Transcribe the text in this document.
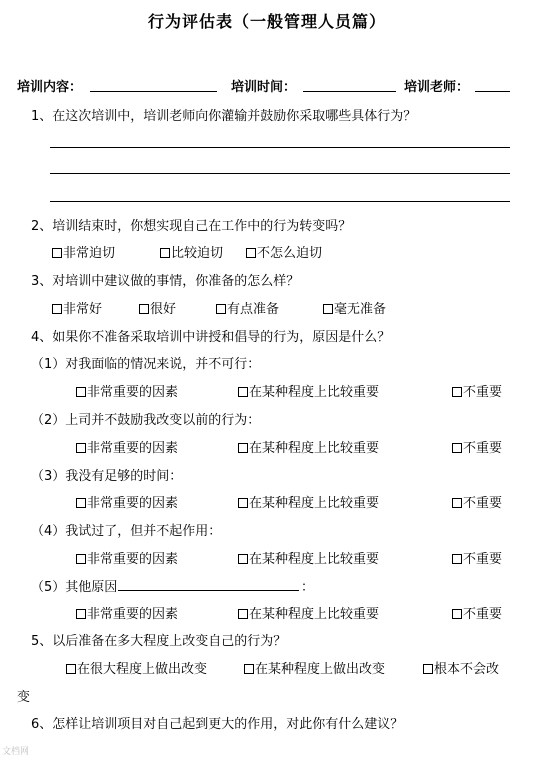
行为评估表（一般管理人员篇）
培训内容：	培训时间：	培训老师：
1、在这次培训中，培训老师向你灌输并鼓励你采取哪些具体行为？
2、培训结束时，你想实现自己在工作中的行为转变吗？
非常迫切	比较迫切	不怎么迫切
3、对培训中建议做的事情，你准备的怎么样？
非常好	很好	有点准备	毫无准备
4、如果你不准备采取培训中讲授和倡导的行为，原因是什么？
（1）对我面临的情况来说，并不可行：
非常重要的因素	在某种程度上比较重要	不重要
（2）上司并不鼓励我改变以前的行为：
非常重要的因素	在某种程度上比较重要	不重要
（3）我没有足够的时间：
非常重要的因素	在某种程度上比较重要	不重要
（4）我试过了，但并不起作用：
非常重要的因素	在某种程度上比较重要	不重要
（5）其他原因	：
非常重要的因素	在某种程度上比较重要	不重要
5、以后准备在多大程度上改变自己的行为？
在很大程度上做出改变	在某种程度上做出改变	根本不会改
变
6、怎样让培训项目对自己起到更大的作用，对此你有什么建议？
文档网
